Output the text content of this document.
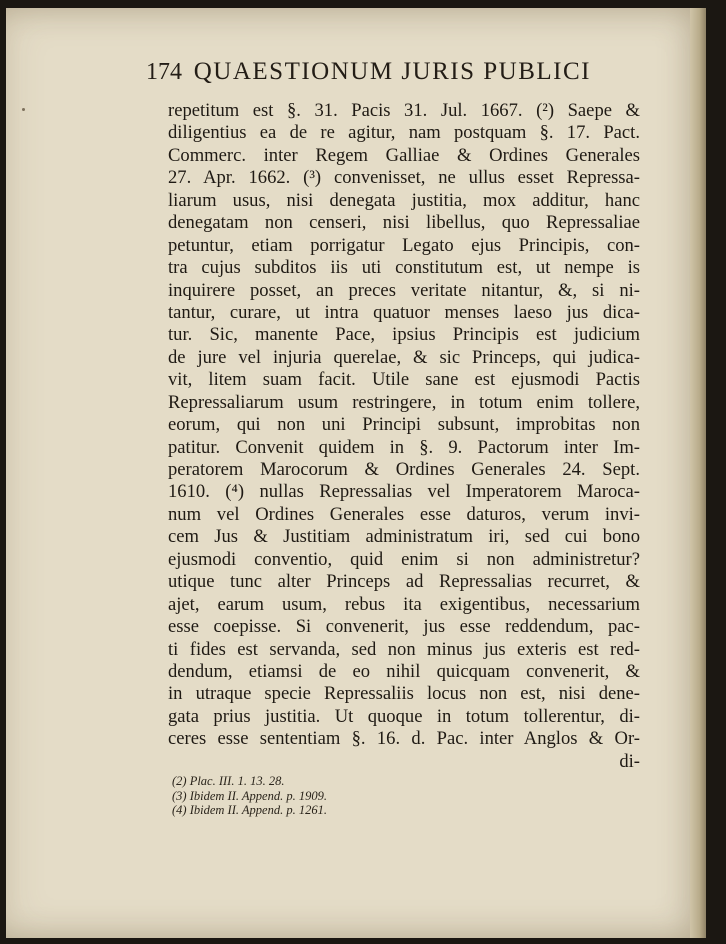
174 QUAESTIONUM JURIS PUBLICI
repetitum est §. 31. Pacis 31. Jul. 1667. (²) Saepe &
diligentius ea de re agitur, nam postquam §. 17. Pact.
Commerc. inter Regem Galliae & Ordines Generales
27. Apr. 1662. (³) convenisset, ne ullus esset Repressa-
liarum usus, nisi denegata justitia, mox additur, hanc
denegatam non censeri, nisi libellus, quo Repressaliae
petuntur, etiam porrigatur Legato ejus Principis, con-
tra cujus subditos iis uti constitutum est, ut nempe is
inquirere posset, an preces veritate nitantur, &, si ni-
tantur, curare, ut intra quatuor menses laeso jus dica-
tur. Sic, manente Pace, ipsius Principis est judicium
de jure vel injuria querelae, & sic Princeps, qui judica-
vit, litem suam facit. Utile sane est ejusmodi Pactis
Repressaliarum usum restringere, in totum enim tollere,
eorum, qui non uni Principi subsunt, improbitas non
patitur. Convenit quidem in §. 9. Pactorum inter Im-
peratorem Marocorum & Ordines Generales 24. Sept.
1610. (⁴) nullas Repressalias vel Imperatorem Maroca-
num vel Ordines Generales esse daturos, verum invi-
cem Jus & Justitiam administratum iri, sed cui bono
ejusmodi conventio, quid enim si non administretur?
utique tunc alter Princeps ad Repressalias recurret, &
ajet, earum usum, rebus ita exigentibus, necessarium
esse coepisse. Si convenerit, jus esse reddendum, pac-
ti fides est servanda, sed non minus jus exteris est red-
dendum, etiamsi de eo nihil quicquam convenerit, &
in utraque specie Repressaliis locus non est, nisi dene-
gata prius justitia. Ut quoque in totum tollerentur, di-
ceres esse sententiam §. 16. d. Pac. inter Anglos & Or-
di-
(2) Plac. III. 1. 13. 28.
(3) Ibidem II. Append. p. 1909.
(4) Ibidem II. Append. p. 1261.
